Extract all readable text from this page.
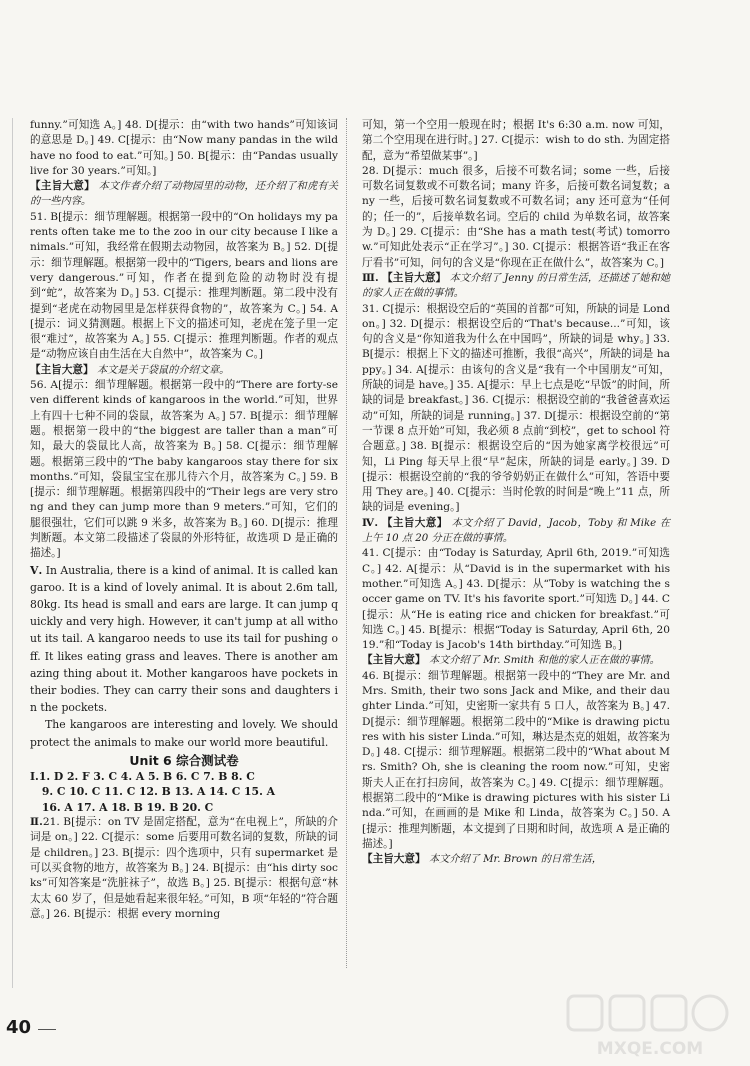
funny.”可知选 A。] 48. D[提示：由“with two hands”可知该词的意思是 D。] 49. C[提示：由“Now many pandas in the wild have no food to eat.”可知。] 50. B[提示：由“Pandas usually live for 30 years.”可知。]

【主旨大意】 本文作者介绍了动物园里的动物，还介绍了和虎有关的一些内容。

51. B[提示：细节理解题。根据第一段中的“On holidays my parents often take me to the zoo in our city because I like animals.”可知，我经常在假期去动物园，故答案为 B。] 52. D[提示：细节理解题。根据第一段中的“Tigers, bears and lions are very dangerous.”可知，作者在提到危险的动物时没有提到“蛇”，故答案为 D。] 53. C[提示：推理判断题。第二段中没有提到“老虎在动物园里是怎样获得食物的”，故答案为 C。] 54. A[提示：词义猜测题。根据上下文的描述可知，老虎在笼子里一定很“难过”，故答案为 A。] 55. C[提示：推理判断题。作者的观点是“动物应该自由生活在大自然中”，故答案为 C。]

【主旨大意】 本文是关于袋鼠的介绍文章。

56. A[提示：细节理解题。根据第一段中的“There are forty-seven different kinds of kangaroos in the world.”可知，世界上有四十七种不同的袋鼠，故答案为 A。] 57. B[提示：细节理解题。根据第一段中的“the biggest are taller than a man”可知，最大的袋鼠比人高，故答案为 B。] 58. C[提示：细节理解题。根据第三段中的“The baby kangaroos stay there for six months.”可知，袋鼠宝宝在那儿待六个月，故答案为 C。] 59. B[提示：细节理解题。根据第四段中的“Their legs are very strong and they can jump more than 9 meters.”可知，它们的腿很强壮，它们可以跳 9 米多，故答案为 B。] 60. D[提示：推理判断题。本文第二段描述了袋鼠的外形特征，故选项 D 是正确的描述。]

Ⅴ. In Australia, there is a kind of animal. It is called kangaroo. It is a kind of lovely animal. It is about 2.6m tall, 80kg. Its head is small and ears are large. It can jump quickly and very high. However, it can't jump at all without its tail. A kangaroo needs to use its tail for pushing off. It likes eating grass and leaves. There is another amazing thing about it. Mother kangaroos have pockets in their bodies. They can carry their sons and daughters in the pockets.

The kangaroos are interesting and lovely. We should protect the animals to make our world more beautiful.

Unit 6 综合测试卷

Ⅰ.1. D 2. F 3. C 4. A 5. B 6. C 7. B 8. C

9. C 10. C 11. C 12. B 13. A 14. C 15. A

16. A 17. A 18. B 19. B 20. C

Ⅱ.21. B[提示：on TV 是固定搭配，意为“在电视上”，所缺的介词是 on。] 22. C[提示：some 后要用可数名词的复数，所缺的词是 children。] 23. B[提示：四个选项中，只有 supermarket 是可以买食物的地方，故答案为 B。] 24. B[提示：由“his dirty socks”可知答案是“洗脏袜子”，故选 B。] 25. B[提示：根据句意“林太太 60 岁了，但是她看起来很年轻。”可知，B 项“年轻的”符合题意。] 26. B[提示：根据 every morning

可知，第一个空用一般现在时；根据 It's 6:30 a.m. now 可知，第二个空用现在进行时。] 27. C[提示：wish to do sth. 为固定搭配，意为“希望做某事”。]

28. D[提示：much 很多，后接不可数名词；some 一些，后接可数名词复数或不可数名词；many 许多，后接可数名词复数；any 一些，后接可数名词复数或不可数名词；any 还可意为“任何的；任一的”，后接单数名词。空后的 child 为单数名词，故答案为 D。] 29. C[提示：由“She has a math test(考试) tomorrow.”可知此处表示“正在学习”。] 30. C[提示：根据答语“我正在客厅看书”可知，问句的含义是“你现在正在做什么”，故答案为 C。]

Ⅲ. 【主旨大意】 本文介绍了 Jenny 的日常生活，还描述了她和她的家人正在做的事情。

31. C[提示：根据设空后的“英国的首都”可知，所缺的词是 London。] 32. D[提示：根据设空后的“That's because...”可知，该句的含义是“你知道我为什么在中国吗”，所缺的词是 why。] 33. B[提示：根据上下文的描述可推断，我很“高兴”，所缺的词是 happy。] 34. A[提示：由该句的含义是“我有一个中国朋友”可知，所缺的词是 have。] 35. A[提示：早上七点是吃“早饭”的时间，所缺的词是 breakfast。] 36. C[提示：根据设空前的“我爸爸喜欢运动”可知，所缺的词是 running。] 37. D[提示：根据设空前的“第一节课 8 点开始”可知，我必须 8 点前“到校”，get to school 符合题意。] 38. B[提示：根据设空后的“因为她家离学校很远”可知，Li Ping 每天早上很“早”起床，所缺的词是 early。] 39. D[提示：根据设空前的“我的爷爷奶奶正在做什么”可知，答语中要用 They are。] 40. C[提示：当时伦敦的时间是“晚上”11 点，所缺的词是 evening。]

Ⅳ. 【主旨大意】 本文介绍了 David，Jacob，Toby 和 Mike 在上午 10 点 20 分正在做的事情。

41. C[提示：由“Today is Saturday, April 6th, 2019.”可知选 C。] 42. A[提示：从“David is in the supermarket with his mother.”可知选 A。] 43. D[提示：从“Toby is watching the soccer game on TV. It's his favorite sport.”可知选 D。] 44. C[提示：从“He is eating rice and chicken for breakfast.”可知选 C。] 45. B[提示：根据“Today is Saturday, April 6th, 2019.”和“Today is Jacob's 14th birthday.”可知选 B。]

【主旨大意】 本文介绍了 Mr. Smith 和他的家人正在做的事情。

46. B[提示：细节理解题。根据第一段中的“They are Mr. and Mrs. Smith, their two sons Jack and Mike, and their daughter Linda.”可知，史密斯一家共有 5 口人，故答案为 B。] 47. D[提示：细节理解题。根据第二段中的“Mike is drawing pictures with his sister Linda.”可知，琳达是杰克的姐姐，故答案为 D。] 48. C[提示：细节理解题。根据第二段中的“What about Mrs. Smith? Oh, she is cleaning the room now.”可知，史密斯夫人正在打扫房间，故答案为 C。] 49. C[提示：细节理解题。根据第二段中的“Mike is drawing pictures with his sister Linda.”可知，在画画的是 Mike 和 Linda，故答案为 C。] 50. A[提示：推理判断题，本文提到了日期和时间，故选项 A 是正确的描述。]

【主旨大意】 本文介绍了 Mr. Brown 的日常生活，

40
MXQE.COM
